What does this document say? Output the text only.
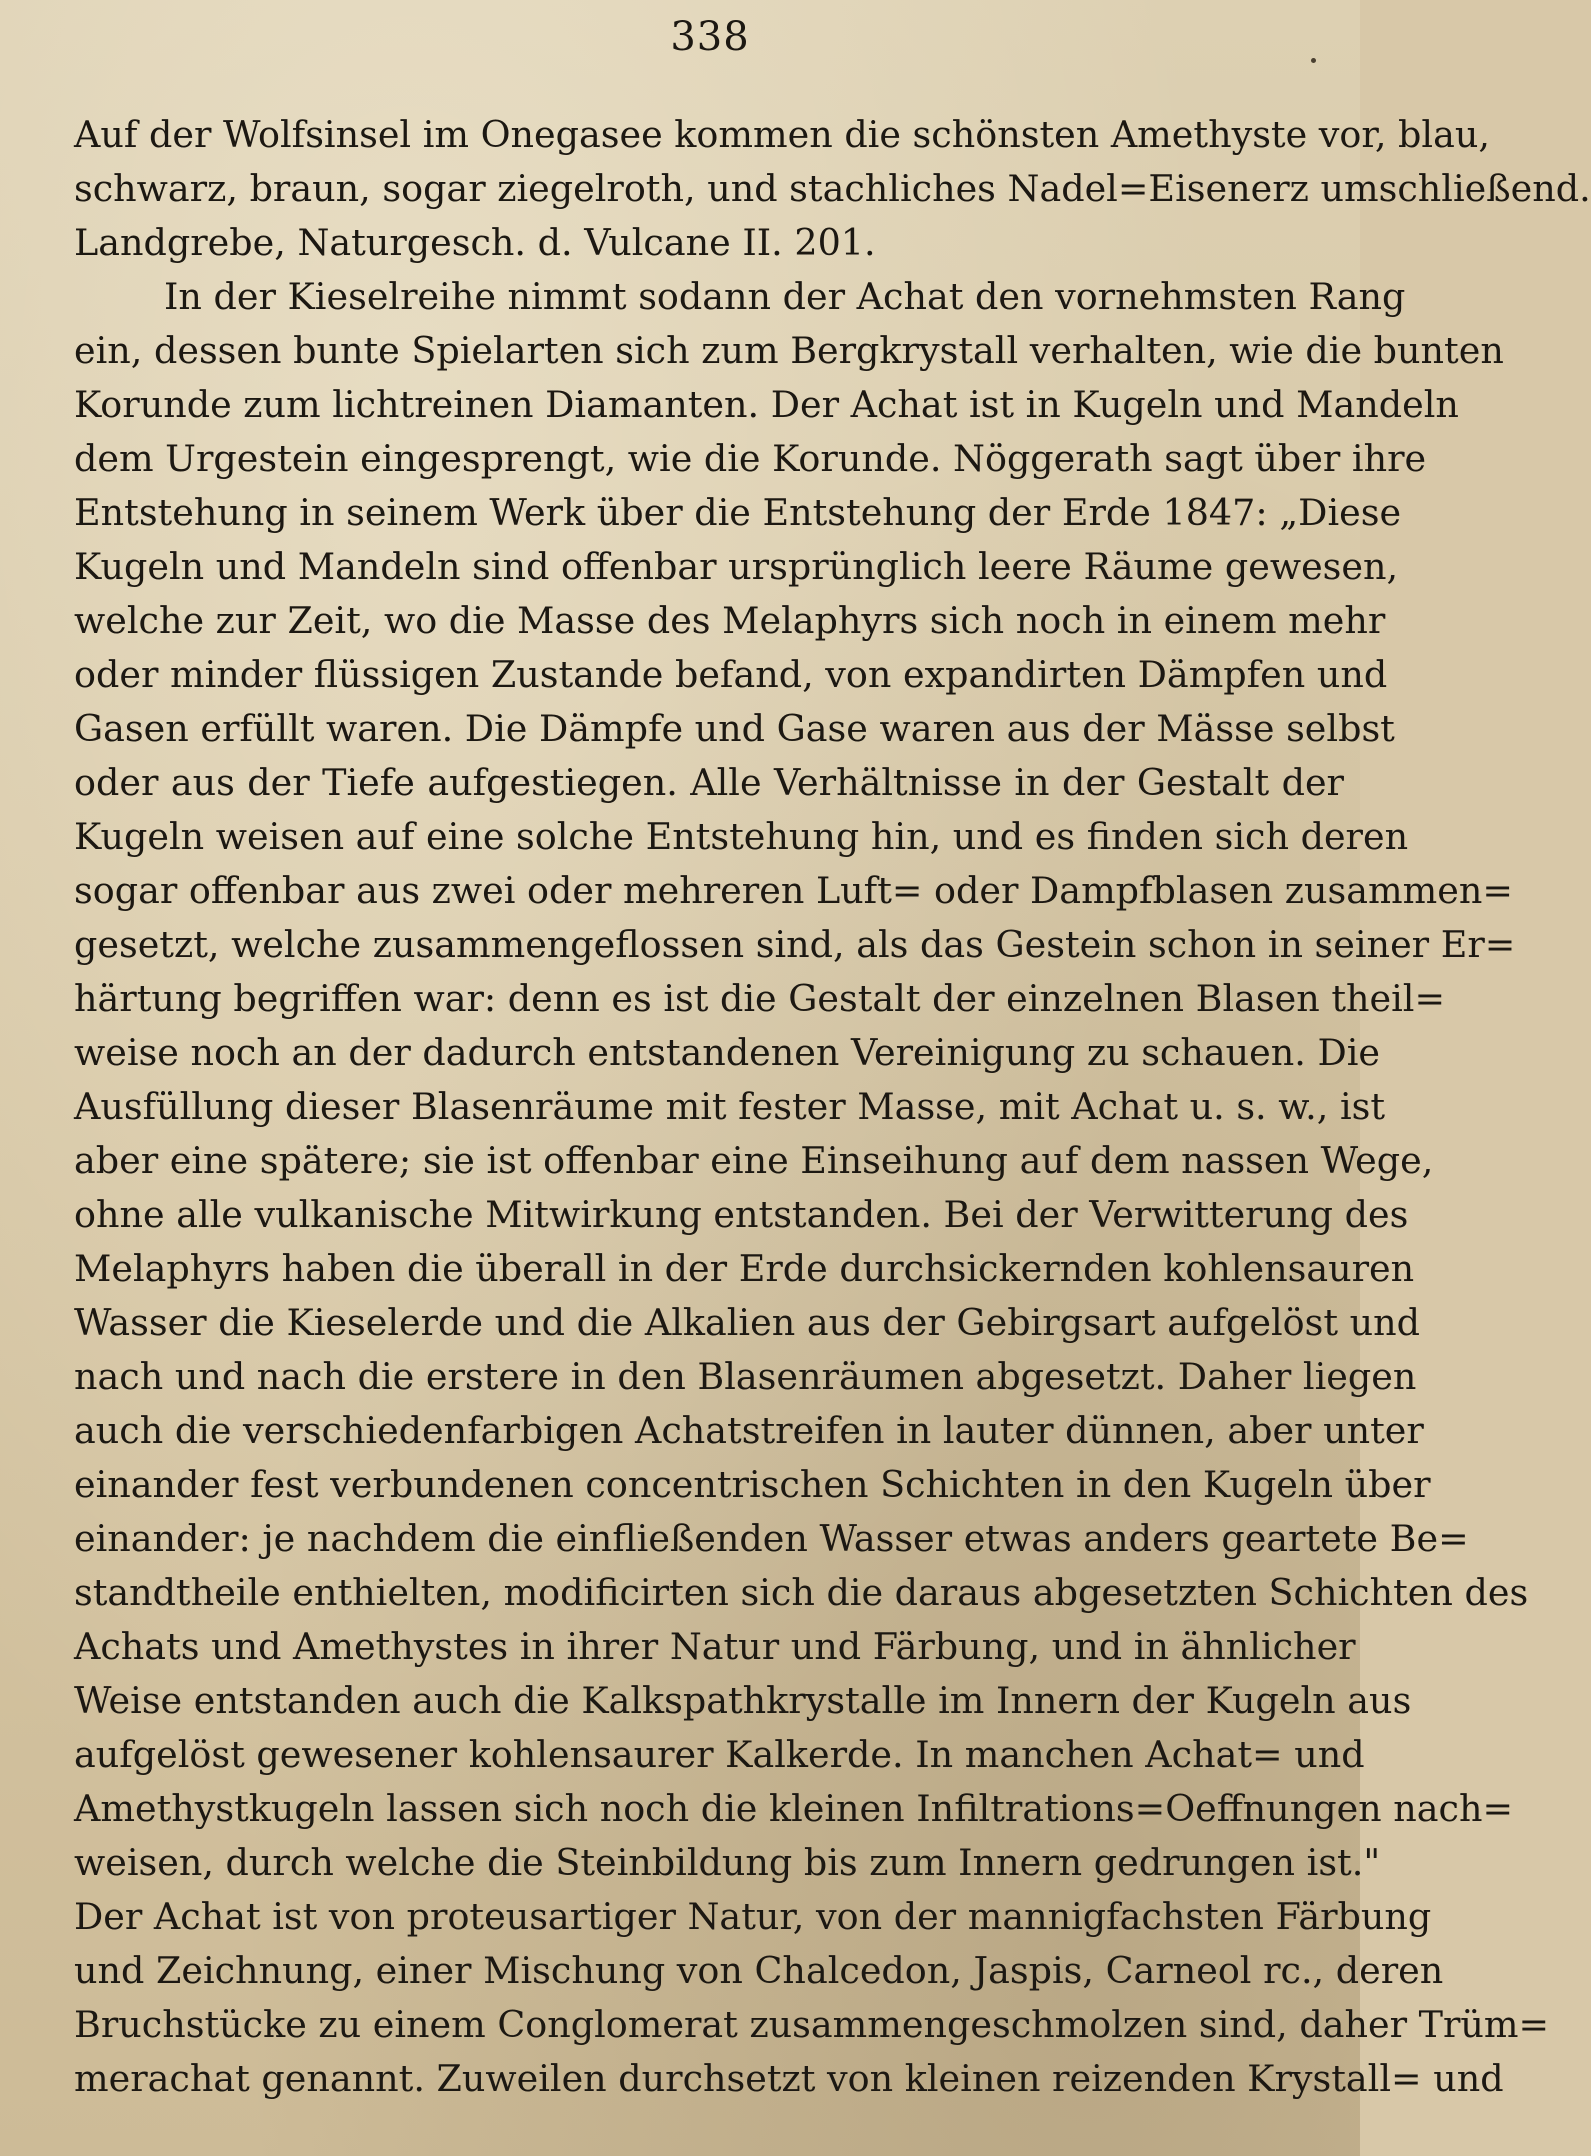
338
Auf der Wolfsinsel im Onegasee kommen die schönsten Amethyste vor, blau,
schwarz, braun, sogar ziegelroth, und stachliches Nadel=Eisenerz umschließend.
Landgrebe, Naturgesch. d. Vulcane II. 201.
In der Kieselreihe nimmt sodann der Achat den vornehmsten Rang
ein, dessen bunte Spielarten sich zum Bergkrystall verhalten, wie die bunten
Korunde zum lichtreinen Diamanten. Der Achat ist in Kugeln und Mandeln
dem Urgestein eingesprengt, wie die Korunde. Nöggerath sagt über ihre
Entstehung in seinem Werk über die Entstehung der Erde 1847: „Diese
Kugeln und Mandeln sind offenbar ursprünglich leere Räume gewesen,
welche zur Zeit, wo die Masse des Melaphyrs sich noch in einem mehr
oder minder flüssigen Zustande befand, von expandirten Dämpfen und
Gasen erfüllt waren. Die Dämpfe und Gase waren aus der Mässe selbst
oder aus der Tiefe aufgestiegen. Alle Verhältnisse in der Gestalt der
Kugeln weisen auf eine solche Entstehung hin, und es finden sich deren
sogar offenbar aus zwei oder mehreren Luft= oder Dampfblasen zusammen=
gesetzt, welche zusammengeflossen sind, als das Gestein schon in seiner Er=
härtung begriffen war: denn es ist die Gestalt der einzelnen Blasen theil=
weise noch an der dadurch entstandenen Vereinigung zu schauen. Die
Ausfüllung dieser Blasenräume mit fester Masse, mit Achat u. s. w., ist
aber eine spätere; sie ist offenbar eine Einseihung auf dem nassen Wege,
ohne alle vulkanische Mitwirkung entstanden. Bei der Verwitterung des
Melaphyrs haben die überall in der Erde durchsickernden kohlensauren
Wasser die Kieselerde und die Alkalien aus der Gebirgsart aufgelöst und
nach und nach die erstere in den Blasenräumen abgesetzt. Daher liegen
auch die verschiedenfarbigen Achatstreifen in lauter dünnen, aber unter
einander fest verbundenen concentrischen Schichten in den Kugeln über
einander: je nachdem die einfließenden Wasser etwas anders geartete Be=
standtheile enthielten, modificirten sich die daraus abgesetzten Schichten des
Achats und Amethystes in ihrer Natur und Färbung, und in ähnlicher
Weise entstanden auch die Kalkspathkrystalle im Innern der Kugeln aus
aufgelöst gewesener kohlensaurer Kalkerde. In manchen Achat= und
Amethystkugeln lassen sich noch die kleinen Infiltrations=Oeffnungen nach=
weisen, durch welche die Steinbildung bis zum Innern gedrungen ist."
Der Achat ist von proteusartiger Natur, von der mannigfachsten Färbung
und Zeichnung, einer Mischung von Chalcedon, Jaspis, Carneol rc., deren
Bruchstücke zu einem Conglomerat zusammengeschmolzen sind, daher Trüm=
merachat genannt. Zuweilen durchsetzt von kleinen reizenden Krystall= und
